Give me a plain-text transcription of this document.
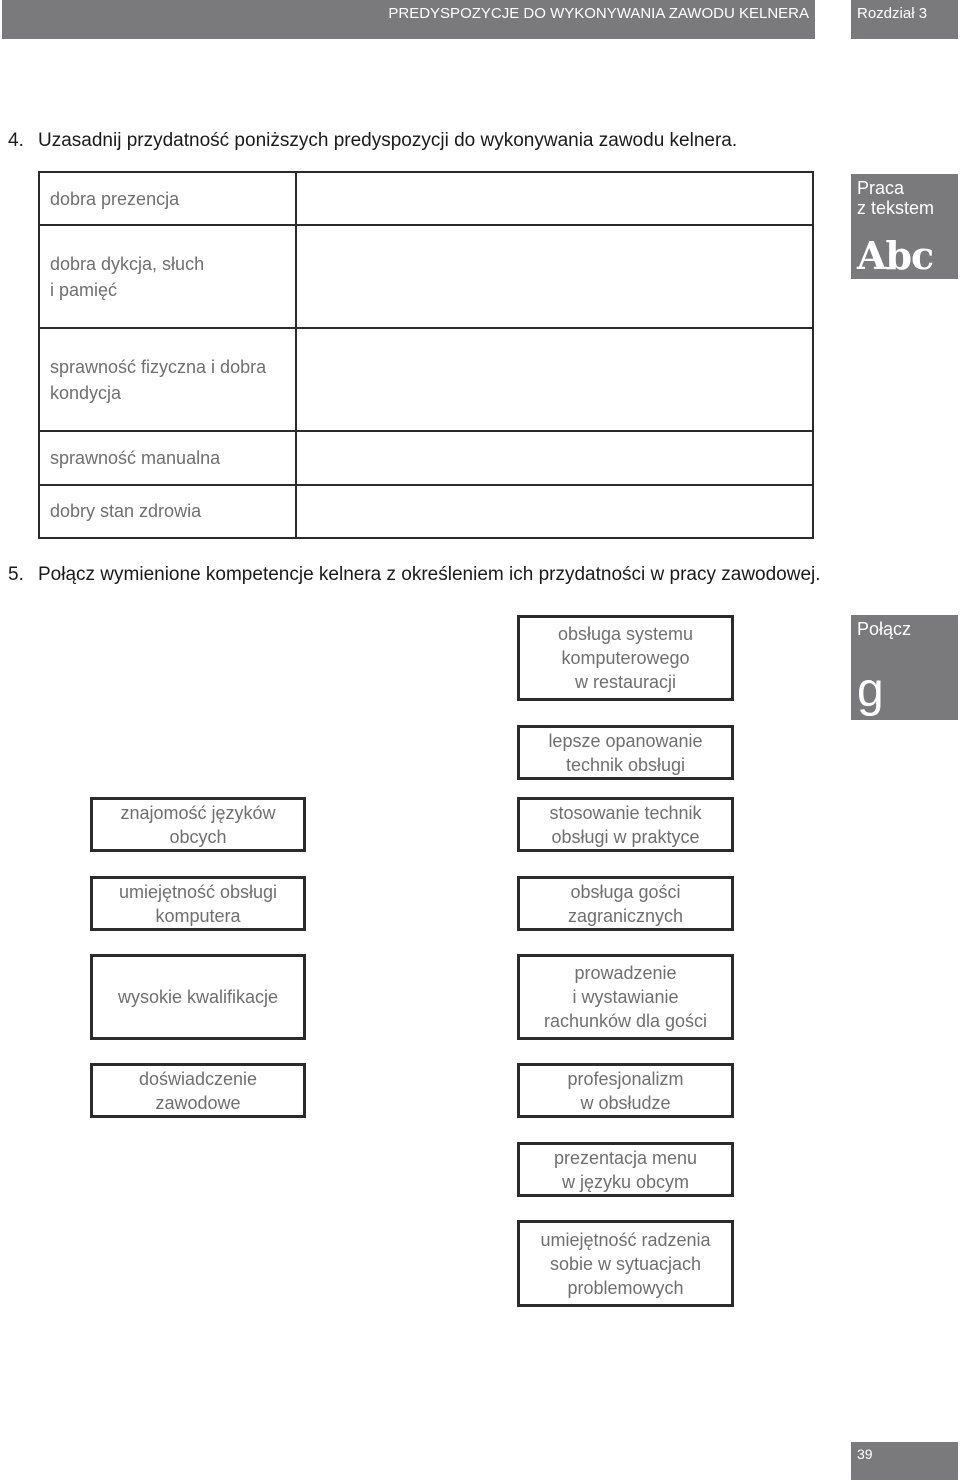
PREDYSPOZYCJE DO WYKONYWANIA ZAWODU KELNERA	Rozdział 3
4. Uzasadnij przydatność poniższych predyspozycji do wykonywania zawodu kelnera.
dobra prezencja	
dobra dykcja, słuch
i pamięć	
sprawność fizyczna i dobra
kondycja	
sprawność manualna	
dobry stan zdrowia	
Praca
z tekstem
Abc
5. Połącz wymienione kompetencje kelnera z określeniem ich przydatności w pracy zawodowej.
Połącz
g
znajomość języków
obcych
umiejętność obsługi
komputera
wysokie kwalifikacje
doświadczenie
zawodowe
obsługa systemu
komputerowego
w restauracji
lepsze opanowanie
technik obsługi
stosowanie technik
obsługi w praktyce
obsługa gości
zagranicznych
prowadzenie
i wystawianie
rachunków dla gości
profesjonalizm
w obsłudze
prezentacja menu
w języku obcym
umiejętność radzenia
sobie w sytuacjach
problemowych
39
